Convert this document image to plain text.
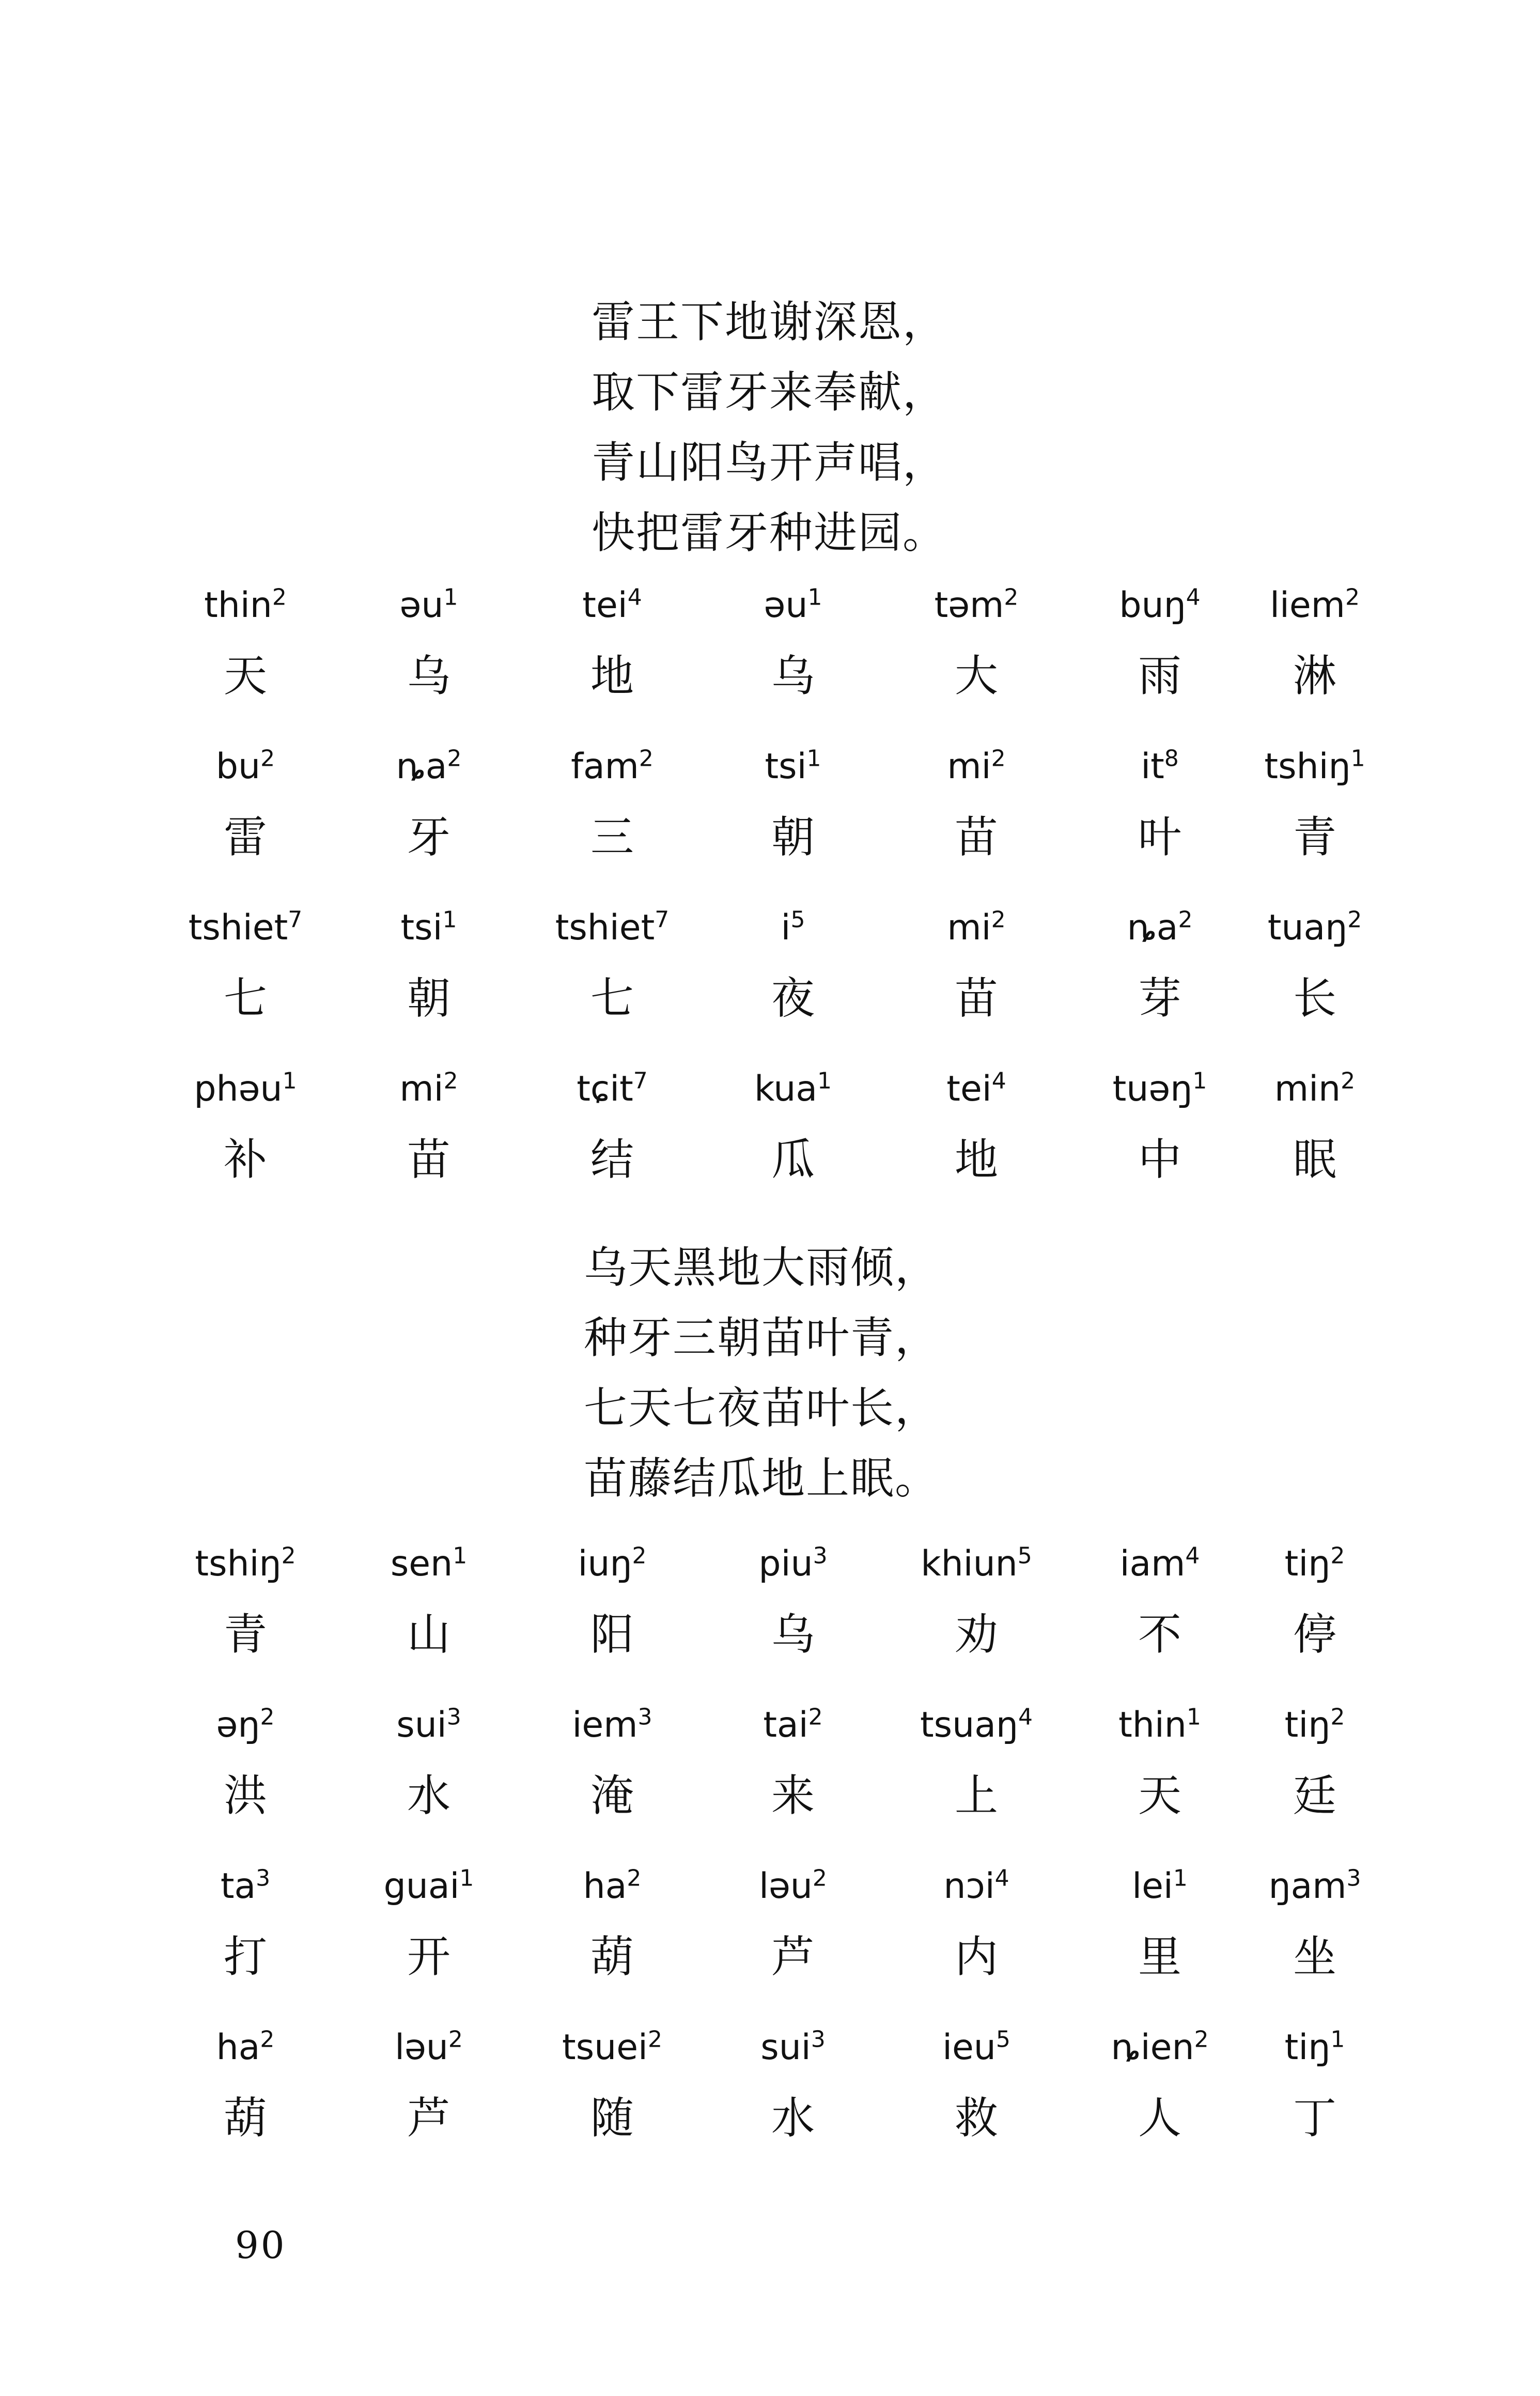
雷王下地谢深恩，
取下雷牙来奉献，
青山阳鸟开声唱，
快把雷牙种进园。
thin$^2$
天
əu$^1$
乌
tei$^4$
地
əu$^1$
乌
təm$^2$
大
buŋ$^4$
雨
liem$^2$
淋
$bu^2$
雷
$ȵa^2$
牙
fam$^2$
三
tsi$^1$
朝
$mi^2$
苗
$it^8$
叶
tshiŋ$^1$
青
tshiet$^7$
七
tsi$^1$
朝
tshiet$^7$
七
$i^5$
夜
$mi^2$
苗
$ȵa^2$
芽
tuaŋ$^2$
长
phəu$^1$
补
$mi^2$
苗
tɕit$^7$
结
kua$^1$
瓜
tei$^4$
地
tuəŋ$^1$
中
$\min^2$
眠
乌天黑地大雨倾，
种牙三朝苗叶青，
七天七夜苗叶长，
苗藤结瓜地上眠。
tshiŋ$^2$
青
sen$^1$
山
iuŋ$^2$
阳
piu$^3$
乌
khiun$^5$
劝
iam$^4$
不
tiŋ$^2$
停
əŋ$^2$
洪
sui$^3$
水
iem$^3$
淹
tai$^2$
来
tsuaŋ$^4$
上
thin$^1$
天
tiŋ$^2$
廷
$ta^3$
打
guai$^1$
开
$ha^2$
葫
ləu$^2$
芦
nɔi$^4$
内
lei$^1$
里
ŋam$^3$
坐
$ha^2$
葫
ləu$^2$
芦
tsuei$^2$
随
sui$^3$
水
ieu$^5$
救
ȵien$^2$
人
tiŋ$^1$
丁
90
